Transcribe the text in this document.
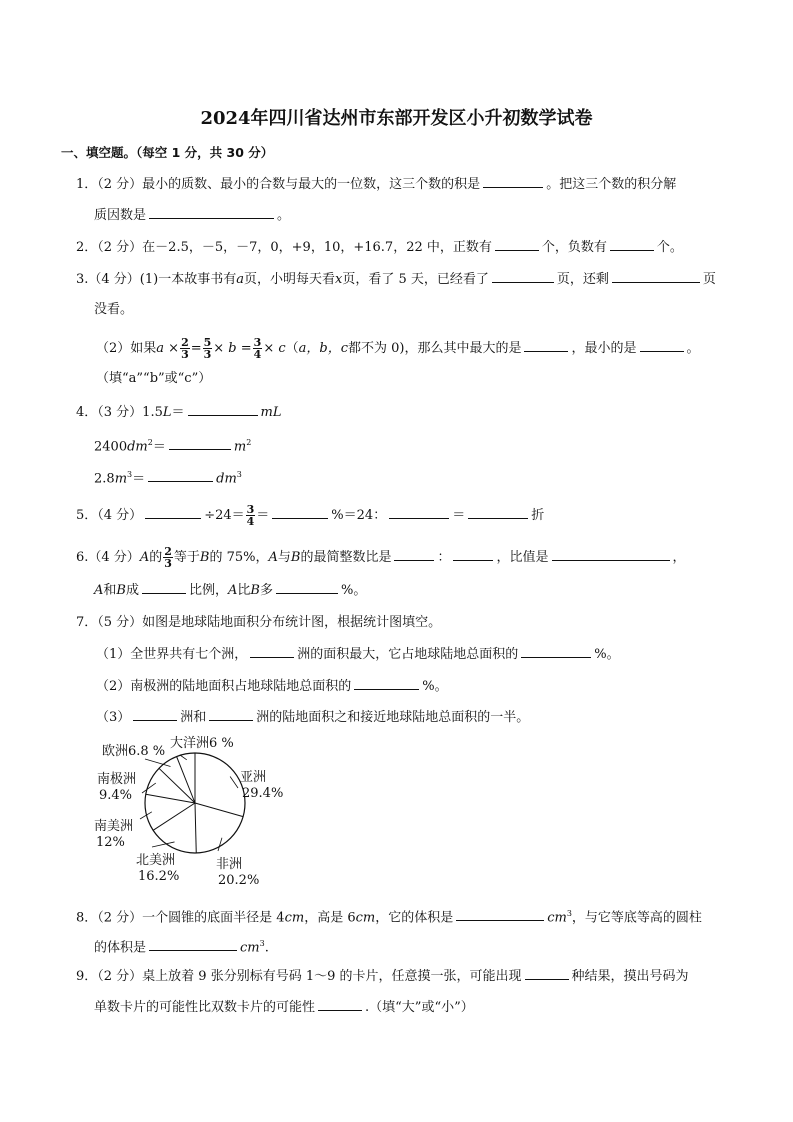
2024年四川省达州市东部开发区小升初数学试卷
一、填空题。（每空 1 分，共 30 分）
1．（2 分）最小的质数、最小的合数与最大的一位数，这三个数的积是	。把这三个数的积分解
质因数是	。
2．（2 分）在－2.5，－5，－7，0，+9，10，+16.7，22 中，正数有	个，负数有	个。
3.（4 分）(1)一本故事书有a页，小明每天看x页，看了 5 天，已经看了	页，还剩	页
没看。
（2）如果$a \times \frac{2}{3} = \frac{5}{3} \times b = \frac{3}{4} \times c(a$，b，c都不为 0)，那么其中最大的是	，最小的是	。
（填“a”“b”或“c”）
4．（3 分）1.5L＝	mL
$2400dm^2=$	$m^2$
$2.8m^3=$	$dm^3$
5．（4 分）	$\div 24= \frac{3}{4}$ ＝	%＝24：	＝	折
6.（4 分）A的 $\frac{2}{3}$ 等于B的 75%，A与B的最简整数比是	：	，比值是	，
A和B成	比例，A比B多	%。
7．（5 分）如图是地球陆地面积分布统计图，根据统计图填空。
（1）全世界共有七个洲，	洲的面积最大，它占地球陆地总面积的	%。
（2）南极洲的陆地面积占地球陆地总面积的	%。
（3）	洲和	洲的陆地面积之和接近地球陆地总面积的一半。
亚洲
29.4%
非洲
20.2%
北美洲
16.2%
南美洲
12%
南极洲
9.4%
欧洲6.8 %
大洋洲6 %
8．（2 分）一个圆锥的底面半径是 4cm，高是 6cm，它的体积是	$cm^3$，与它等底等高的圆柱
的体积是	$cm^3$.
9．（2 分）桌上放着 9 张分别标有号码 1～9 的卡片，任意摸一张，可能出现	种结果，摸出号码为
单数卡片的可能性比双数卡片的可能性	.（填“大”或“小”）
